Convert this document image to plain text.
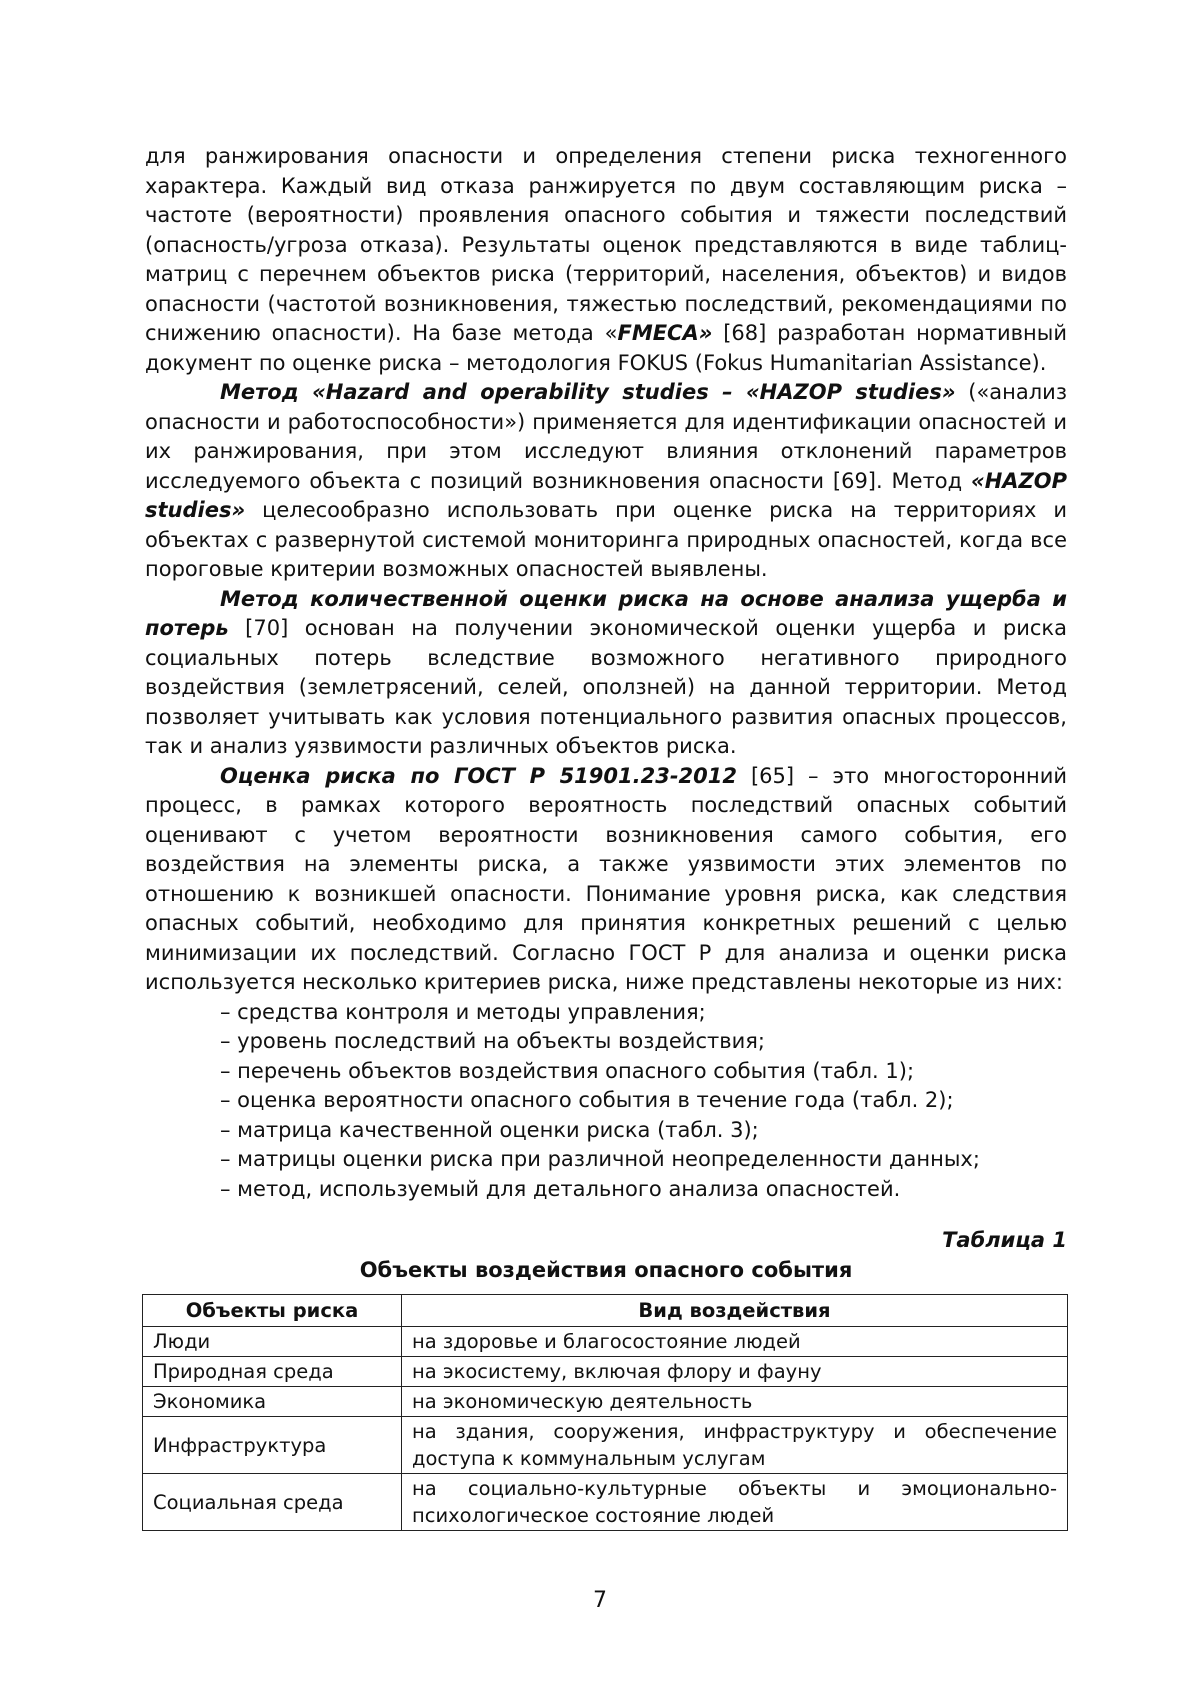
для ранжирования опасности и определения степени риска техногенного характера. Каждый вид отказа ранжируется по двум составляющим риска – частоте (вероятности) проявления опасного события и тяжести последствий (опасность/угроза отказа). Результаты оценок представляются в виде таблиц-матриц с перечнем объектов риска (территорий, населения, объектов) и видов опасности (частотой возникновения, тяжестью последствий, рекомендациями по снижению опасности). На базе метода «FMECA» [68] разработан нормативный документ по оценке риска – методология FOKUS (Fokus Humanitarian Assistance).

Метод «Hazard and operability studies – «HAZOP studies» («анализ опасности и работоспособности») применяется для идентификации опасностей и их ранжирования, при этом исследуют влияния отклонений параметров исследуемого объекта с позиций возникновения опасности [69]. Метод «HAZOP studies» целесообразно использовать при оценке риска на территориях и объектах с развернутой системой мониторинга природных опасностей, когда все пороговые критерии возможных опасностей выявлены.

Метод количественной оценки риска на основе анализа ущерба и потерь [70] основан на получении экономической оценки ущерба и риска социальных потерь вследствие возможного негативного природного воздействия (землетрясений, селей, оползней) на данной территории. Метод позволяет учитывать как условия потенциального развития опасных процессов, так и анализ уязвимости различных объектов риска.

Оценка риска по ГОСТ Р 51901.23-2012 [65] – это многосторонний процесс, в рамках которого вероятность последствий опасных событий оценивают с учетом вероятности возникновения самого события, его воздействия на элементы риска, а также уязвимости этих элементов по отношению к возникшей опасности. Понимание уровня риска, как следствия опасных событий, необходимо для принятия конкретных решений с целью минимизации их последствий. Согласно ГОСТ Р для анализа и оценки риска используется несколько критериев риска, ниже представлены некоторые из них:

– средства контроля и методы управления;
– уровень последствий на объекты воздействия;
– перечень объектов воздействия опасного события (табл. 1);
– оценка вероятности опасного события в течение года (табл. 2);
– матрица качественной оценки риска (табл. 3);
– матрицы оценки риска при различной неопределенности данных;
– метод, используемый для детального анализа опасностей.
Таблица 1
Объекты воздействия опасного события
Объекты риска	Вид воздействия
Люди	на здоровье и благосостояние людей
Природная среда	на экосистему, включая флору и фауну
Экономика	на экономическую деятельность
Инфраструктура	на здания, сооружения, инфраструктуру и обеспечение доступа к коммунальным услугам
Социальная среда	на социально-культурные объекты и эмоционально-психологическое состояние людей
7
